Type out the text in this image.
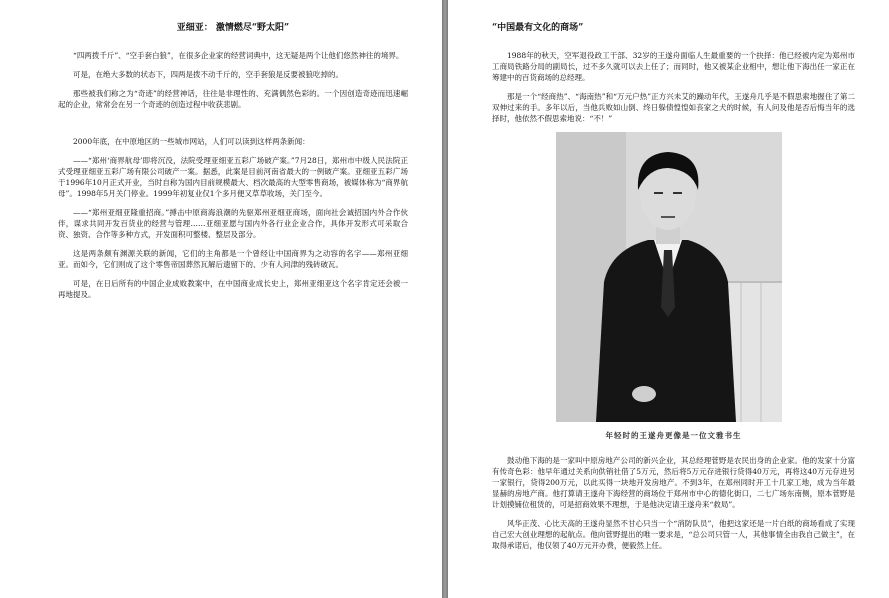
亚细亚： 激情燃尽“野太阳”

“四两拨千斤”、“空手套白狼”，在很多企业家的经营词典中，这无疑是两个让他们悠然神往的境界。

可是，在绝大多数的状态下，四两是拨不动千斤的，空手套狼是反要被狼吃掉的。

那些被我们称之为“奇迹”的经营神话，往往是非理性的、充满偶然色彩的。一个因创造奇迹而迅速崛起的企业，常常会在另一个奇迹的创造过程中收获悲剧。

2000年底，在中原地区的一些城市网站，人们可以读到这样两条新闻：

——“郑州‘商界航母’即将沉没，法院受理亚细亚五彩广场破产案。”7月28日，郑州市中级人民法院正式受理亚细亚五彩广场有限公司破产一案。据悉，此案是目前河南省最大的一例破产案。亚细亚五彩广场于1996年10月正式开业，当时自称为国内目前规模最大、档次最高的大型零售商场，被媒体称为“商界航母”。1998年5月关门停业。1999年初复业仅1个多月便又草草收场，关门至今。

——“郑州亚细亚隆重招商。”搏击中原商海浪潮的先驱郑州亚细亚商场，面向社会诚招国内外合作伙伴，谋求共同开发百货业的经营与管理……亚细亚愿与国内外各行业企业合作，具体开发形式可采取合资、独资、合作等多种方式，开发面积可整楼、整层及部分。

这是两条颇有渊源关联的新闻，它们的主角都是一个曾经让中国商界为之动容的名字——郑州亚细亚。而如今，它们则成了这个零售帝国葬然瓦解后遗留下的、少有人问津的残砖破瓦。

可是，在日后所有的中国企业成败教案中，在中国商业成长史上，郑州亚细亚这个名字肯定还会被一再地提及。

“中国最有文化的商场”

1988年的秋天，空军退役政工干部、32岁的王遂舟面临人生最重要的一个抉择：他已经被内定为郑州市工商局铁路分局的副局长，过不多久就可以去上任了；而同时，他又被某企业相中，想让他下海出任一家正在筹建中的百货商场的总经理。

那是一个“经商热”、“海南热”和“万元户热”正方兴未艾的躁动年代，王遂舟几乎是不假思索地握住了第二双伸过来的手。多年以后，当他兵败如山倒、终日躲债惶惶如丧家之犬的时候，有人问及他是否后悔当年的选择时，他依然不假思索地说：“不！”

年轻时的王遂舟更像是一位文雅书生

鼓动他下海的是一家叫中原房地产公司的新兴企业，其总经理菅野是农民出身的企业家。他的发家十分富有传奇色彩：他早年通过关系向供销社借了5万元，然后将5万元存进银行贷得40万元，再将这40万元存进另一家银行，贷得200万元，以此买得一块地开发房地产。不到3年，在郑州同时开工十几家工地，成为当年最显赫的房地产商。他打算请王遂舟下海经营的商场位于郑州市中心的德化街口，二七广场东南侧，原本菅野是计划摸铺位租赁的，可是招商效果不理想，于是他决定请王遂舟来“救局”。

风华正茂、心比天高的王遂舟显然不甘心只当一个“消防队员”，他把这家还是一片白纸的商场看成了实现自己宏大创业理想的起航点。他向菅野提出的唯一要求是，“总公司只管一人，其他事情全由我自己做主”，在取得承诺后，他仅领了40万元开办费，便毅然上任。
